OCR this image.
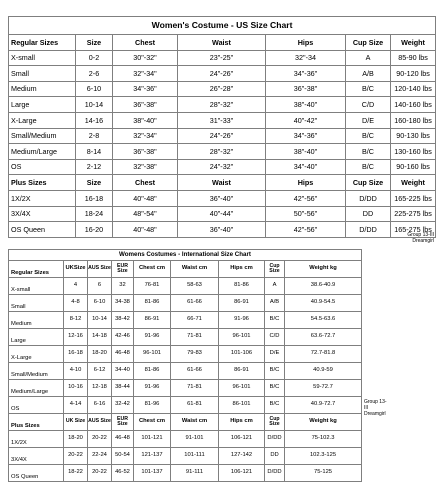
Women's Costume - US Size Chart						
Regular Sizes	Size	Chest	Waist	Hips	Cup Size	Weight
X-small	0-2	30"-32"	23"-25"	32"-34	A	85-90 lbs
Small	2-6	32"-34"	24"-26"	34"-36"	A/B	90-120 lbs
Medium	6-10	34"-36"	26"-28"	36"-38"	B/C	120-140 lbs
Large	10-14	36"-38"	28"-32"	38"-40"	C/D	140-160 lbs
X-Large	14-16	38"-40"	31"-33"	40"-42"	D/E	160-180 lbs
Small/Medium	2-8	32"-34"	24"-26"	34"-36"	B/C	90-130 lbs
Medium/Large	8-14	36"-38"	28"-32"	38"-40"	B/C	130-160 lbs
OS	2-12	32"-38"	24"-32"	34"-40"	B/C	90-160 lbs
Plus Sizes	Size	Chest	Waist	Hips	Cup Size	Weight
1X/2X	16-18	40"-48"	36"-40"	42"-56"	D/DD	165-225 lbs
3X/4X	18-24	48"-54"	40"-44"	50"-56"	DD	225-275 lbs
OS Queen	16-20	40"-48"	36"-40"	42"-56"	D/DD	165-275 lbs
Group 13-III
Dreamgirl
Womens Costumes - International Size Chart								
Regular Sizes	UKSize	AUS Size	EUR Size	Chest cm	Waist cm	Hips cm	Cup Size	Weight kg
X-small	4	6	32	76-81	58-63	81-86	A	38.6-40.9
Small	4-8	6-10	34-38	81-86	61-66	86-91	A/B	40.9-54.5
Medium	8-12	10-14	38-42	86-91	66-71	91-96	B/C	54.5-63.6
Large	12-16	14-18	42-46	91-96	71-81	96-101	C/D	63.6-72.7
X-Large	16-18	18-20	46-48	96-101	79-83	101-106	D/E	72.7-81.8
Small/Medium	4-10	6-12	34-40	81-86	61-66	86-91	B/C	40.9-59
Medium/Large	10-16	12-18	38-44	91-96	71-81	96-101	B/C	59-72.7
OS	4-14	6-16	32-42	81-96	61-81	86-101	B/C	40.9-72.7
Plus Sizes	UK Size	AUS Size	EUR Size	Chest cm	Waist cm	Hips cm	Cup Size	Weight kg
1X/2X	18-20	20-22	46-48	101-121	91-101	106-121	D/DD	75-102.3
3X/4X	20-22	22-24	50-54	121-137	101-111	127-142	DD	102.3-125
OS Queen	18-22	20-22	46-52	101-137	91-111	106-121	D/DD	75-125
Group 13-III
Dreamgirl
